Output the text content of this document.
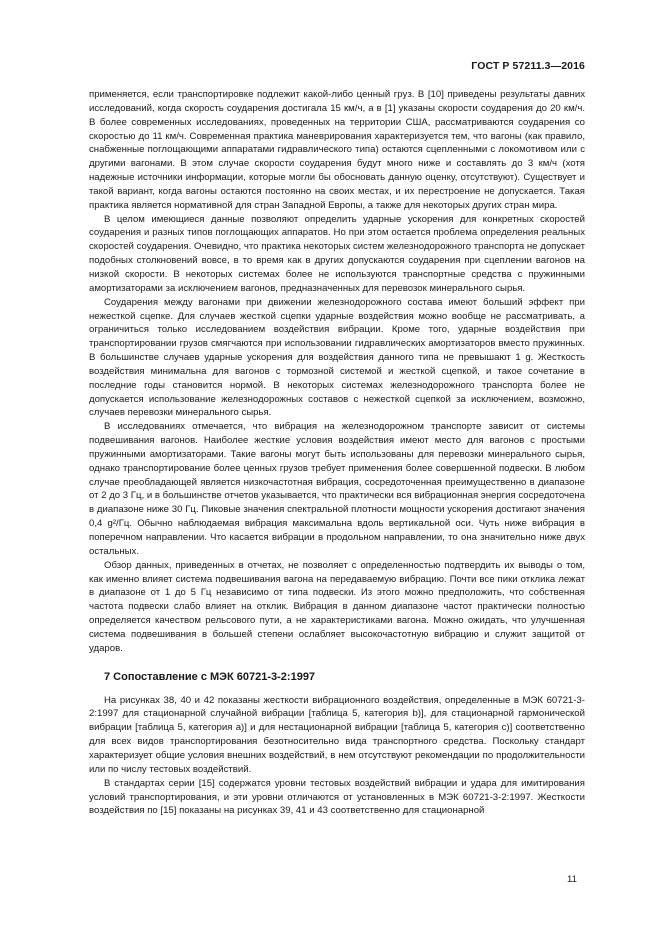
ГОСТ Р 57211.3—2016

применяется, если транспортировке подлежит какой-либо ценный груз. В [10] приведены результаты давних исследований, когда скорость соударения достигала 15 км/ч, а в [1] указаны скорости соударения до 20 км/ч. В более современных исследованиях, проведенных на территории США, рассматриваются соударения со скоростью до 11 км/ч. Современная практика маневрирования характеризуется тем, что вагоны (как правило, снабженные поглощающими аппаратами гидравлического типа) остаются сцепленными с локомотивом или с другими вагонами. В этом случае скорости соударения будут много ниже и составлять до 3 км/ч (хотя надежные источники информации, которые могли бы обосновать данную оценку, отсутствуют). Существует и такой вариант, когда вагоны остаются постоянно на своих местах, и их перестроение не допускается. Такая практика является нормативной для стран Западной Европы, а также для некоторых других стран мира.

В целом имеющиеся данные позволяют определить ударные ускорения для конкретных скоростей соударения и разных типов поглощающих аппаратов. Но при этом остается проблема определения реальных скоростей соударения. Очевидно, что практика некоторых систем железнодорожного транспорта не допускает подобных столкновений вовсе, в то время как в других допускаются соударения при сцеплении вагонов на низкой скорости. В некоторых системах более не используются транспортные средства с пружинными амортизаторами за исключением вагонов, предназначенных для перевозок минерального сырья.

Соударения между вагонами при движении железнодорожного состава имеют больший эффект при нежесткой сцепке. Для случаев жесткой сцепки ударные воздействия можно вообще не рассматривать, а ограничиться только исследованием воздействия вибрации. Кроме того, ударные воздействия при транспортировании грузов смягчаются при использовании гидравлических амортизаторов вместо пружинных. В большинстве случаев ударные ускорения для воздействия данного типа не превышают 1 g. Жесткость воздействия минимальна для вагонов с тормозной системой и жесткой сцепкой, и такое сочетание в последние годы становится нормой. В некоторых системах железнодорожного транспорта более не допускается использование железнодорожных составов с нежесткой сцепкой за исключением, возможно, случаев перевозки минерального сырья.

В исследованиях отмечается, что вибрация на железнодорожном транспорте зависит от системы подвешивания вагонов. Наиболее жесткие условия воздействия имеют место для вагонов с простыми пружинными амортизаторами. Такие вагоны могут быть использованы для перевозки минерального сырья, однако транспортирование более ценных грузов требует применения более совершенной подвески. В любом случае преобладающей является низкочастотная вибрация, сосредоточенная преимущественно в диапазоне от 2 до 3 Гц, и в большинстве отчетов указывается, что практически вся вибрационная энергия сосредоточена в диапазоне ниже 30 Гц. Пиковые значения спектральной плотности мощности ускорения достигают значения 0,4 g²/Гц. Обычно наблюдаемая вибрация максимальна вдоль вертикальной оси. Чуть ниже вибрация в поперечном направлении. Что касается вибрации в продольном направлении, то она значительно ниже двух остальных.

Обзор данных, приведенных в отчетах, не позволяет с определенностью подтвердить их выводы о том, как именно влияет система подвешивания вагона на передаваемую вибрацию. Почти все пики отклика лежат в диапазоне от 1 до 5 Гц независимо от типа подвески. Из этого можно предположить, что собственная частота подвески слабо влияет на отклик. Вибрация в данном диапазоне частот практически полностью определяется качеством рельсового пути, а не характеристиками вагона. Можно ожидать, что улучшенная система подвешивания в большей степени ослабляет высокочастотную вибрацию и служит защитой от ударов.

7 Сопоставление с МЭК 60721-3-2:1997

На рисунках 38, 40 и 42 показаны жесткости вибрационного воздействия, определенные в МЭК 60721-3-2:1997 для стационарной случайной вибрации [таблица 5, категория b)], для стационарной гармонической вибрации [таблица 5, категория а)] и для нестационарной вибрации [таблица 5, категория с)] соответственно для всех видов транспортирования безотносительно вида транспортного средства. Поскольку стандарт характеризует общие условия внешних воздействий, в нем отсутствуют рекомендации по продолжительности или по числу тестовых воздействий.

В стандартах серии [15] содержатся уровни тестовых воздействий вибрации и удара для имитирования условий транспортирования, и эти уровни отличаются от установленных в МЭК 60721-3-2:1997. Жесткости воздействия по [15] показаны на рисунках 39, 41 и 43 соответственно для стационарной

11
